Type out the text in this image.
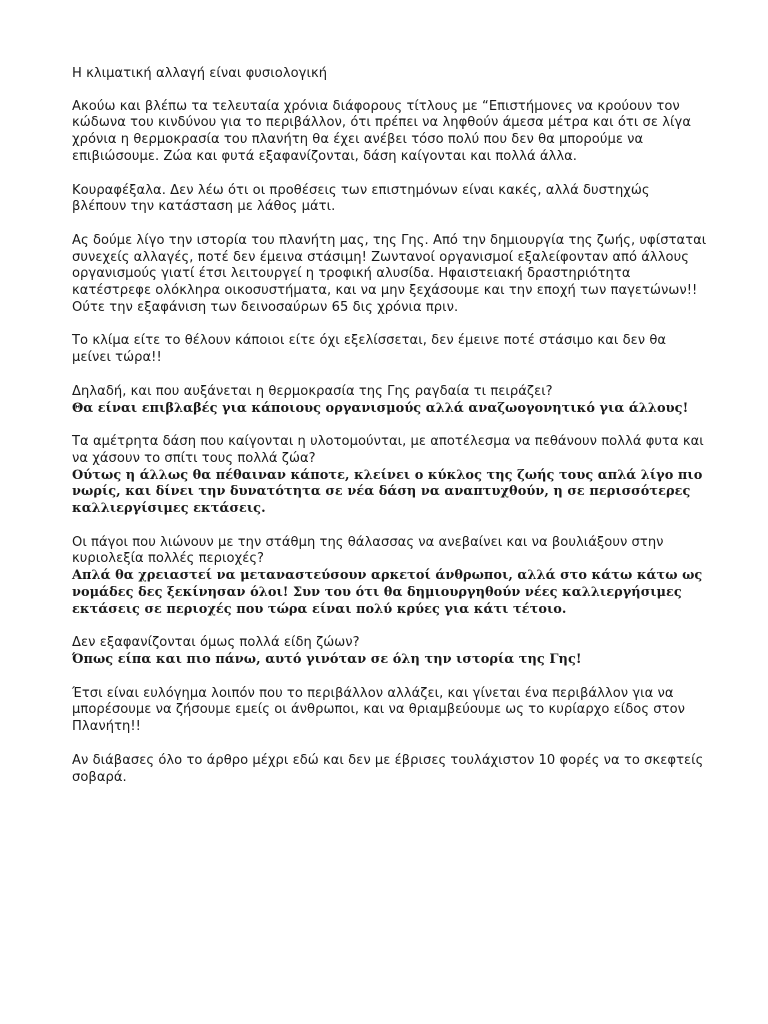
Η κλιματική αλλαγή είναι φυσιολογική

Ακούω και βλέπω τα τελευταία χρόνια διάφορους τίτλους με “Επιστήμονες να κρούουν τον κώδωνα του κινδύνου για το περιβάλλον, ότι πρέπει να ληφθούν άμεσα μέτρα και ότι σε λίγα χρόνια η θερμοκρασία του πλανήτη θα έχει ανέβει τόσο πολύ που δεν θα μπορούμε να επιβιώσουμε. Ζώα και φυτά εξαφανίζονται, δάση καίγονται και πολλά άλλα.

Κουραφέξαλα. Δεν λέω ότι οι προθέσεις των επιστημόνων είναι κακές, αλλά δυστηχώς βλέπουν την κατάσταση με λάθος μάτι.

Ας δούμε λίγο την ιστορία του πλανήτη μας, της Γης. Από την δημιουργία της ζωής, υφίσταται συνεχείς αλλαγές, ποτέ δεν έμεινα στάσιμη! Ζωντανοί οργανισμοί εξαλείφονταν από άλλους οργανισμούς γιατί έτσι λειτουργεί η τροφική αλυσίδα. Ηφαιστειακή δραστηριότητα κατέστρεφε ολόκληρα οικοσυστήματα, και να μην ξεχάσουμε και την εποχή των παγετώνων!! Ούτε την εξαφάνιση των δεινοσαύρων 65 δις χρόνια πριν.

Το κλίμα είτε το θέλουν κάποιοι είτε όχι εξελίσσεται, δεν έμεινε ποτέ στάσιμο και δεν θα μείνει τώρα!!

Δηλαδή, και που αυξάνεται η θερμοκρασία της Γης ραγδαία τι πειράζει?
Θα είναι επιβλαβές για κάποιους οργανισμούς αλλά αναζωογονητικό για άλλους!
Τα αμέτρητα δάση που καίγονται η υλοτομούνται, με αποτέλεσμα να πεθάνουν πολλά φυτα και να χάσουν το σπίτι τους πολλά ζώα?
Ούτως η άλλως θα πέθαιναν κάποτε, κλείνει ο κύκλος της ζωής τους απλά λίγο πιο νωρίς, και δίνει την δυνατότητα σε νέα δάση να αναπτυχθούν, η σε περισσότερες καλλιεργίσιμες εκτάσεις.
Οι πάγοι που λιώνουν με την στάθμη της θάλασσας να ανεβαίνει και να βουλιάξουν στην κυριολεξία πολλές περιοχές?
Απλά θα χρειαστεί να μεταναστεύσουν αρκετοί άνθρωποι, αλλά στο κάτω κάτω ως νομάδες δες ξεκίνησαν όλοι! Συν του ότι θα δημιουργηθούν νέες καλλιεργήσιμες εκτάσεις σε περιοχές που τώρα είναι πολύ κρύες για κάτι τέτοιο.
Δεν εξαφανίζονται όμως πολλά είδη ζώων?
Όπως είπα και πιο πάνω, αυτό γινόταν σε όλη την ιστορία της Γης!

Έτσι είναι ευλόγημα λοιπόν που το περιβάλλον αλλάζει, και γίνεται ένα περιβάλλον για να μπορέσουμε να ζήσουμε εμείς οι άνθρωποι, και να θριαμβεύουμε ως το κυρίαρχο είδος στον Πλανήτη!!

Αν διάβασες όλο το άρθρο μέχρι εδώ και δεν με έβρισες τουλάχιστον 10 φορές να το σκεφτείς σοβαρά.
